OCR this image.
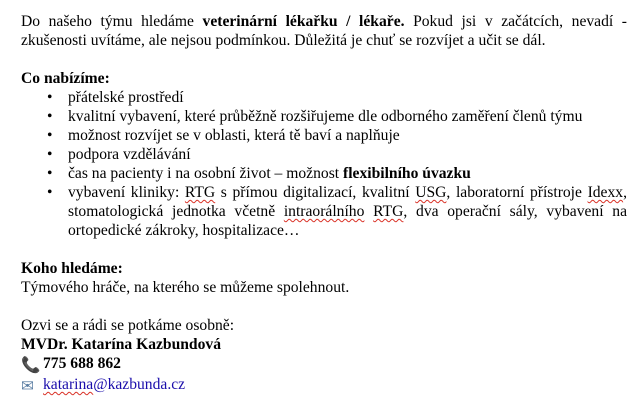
Do našeho týmu hledáme veterinární lékařku / lékaře. Pokud jsi v začátcích, nevadí - zkušenosti uvítáme, ale nejsou podmínkou. Důležitá je chuť se rozvíjet a učit se dál.

Co nabízíme:

• přátelské prostředí
• kvalitní vybavení, které průběžně rozšiřujeme dle odborného zaměření členů týmu
• možnost rozvíjet se v oblasti, která tě baví a naplňuje
• podpora vzdělávání
• čas na pacienty i na osobní život – možnost flexibilního úvazku
• vybavení kliniky: RTG s přímou digitalizací, kvalitní USG, laboratorní přístroje Idexx, stomatologická jednotka včetně intraorálního RTG, dva operační sály, vybavení na ortopedické zákroky, hospitalizace…

Koho hledáme:

Týmového hráče, na kterého se můžeme spolehnout.

Ozvi se a rádi se potkáme osobně:

MVDr. Katarína Kazbundová

📞 775 688 862

✉ katarina@kazbunda.cz
